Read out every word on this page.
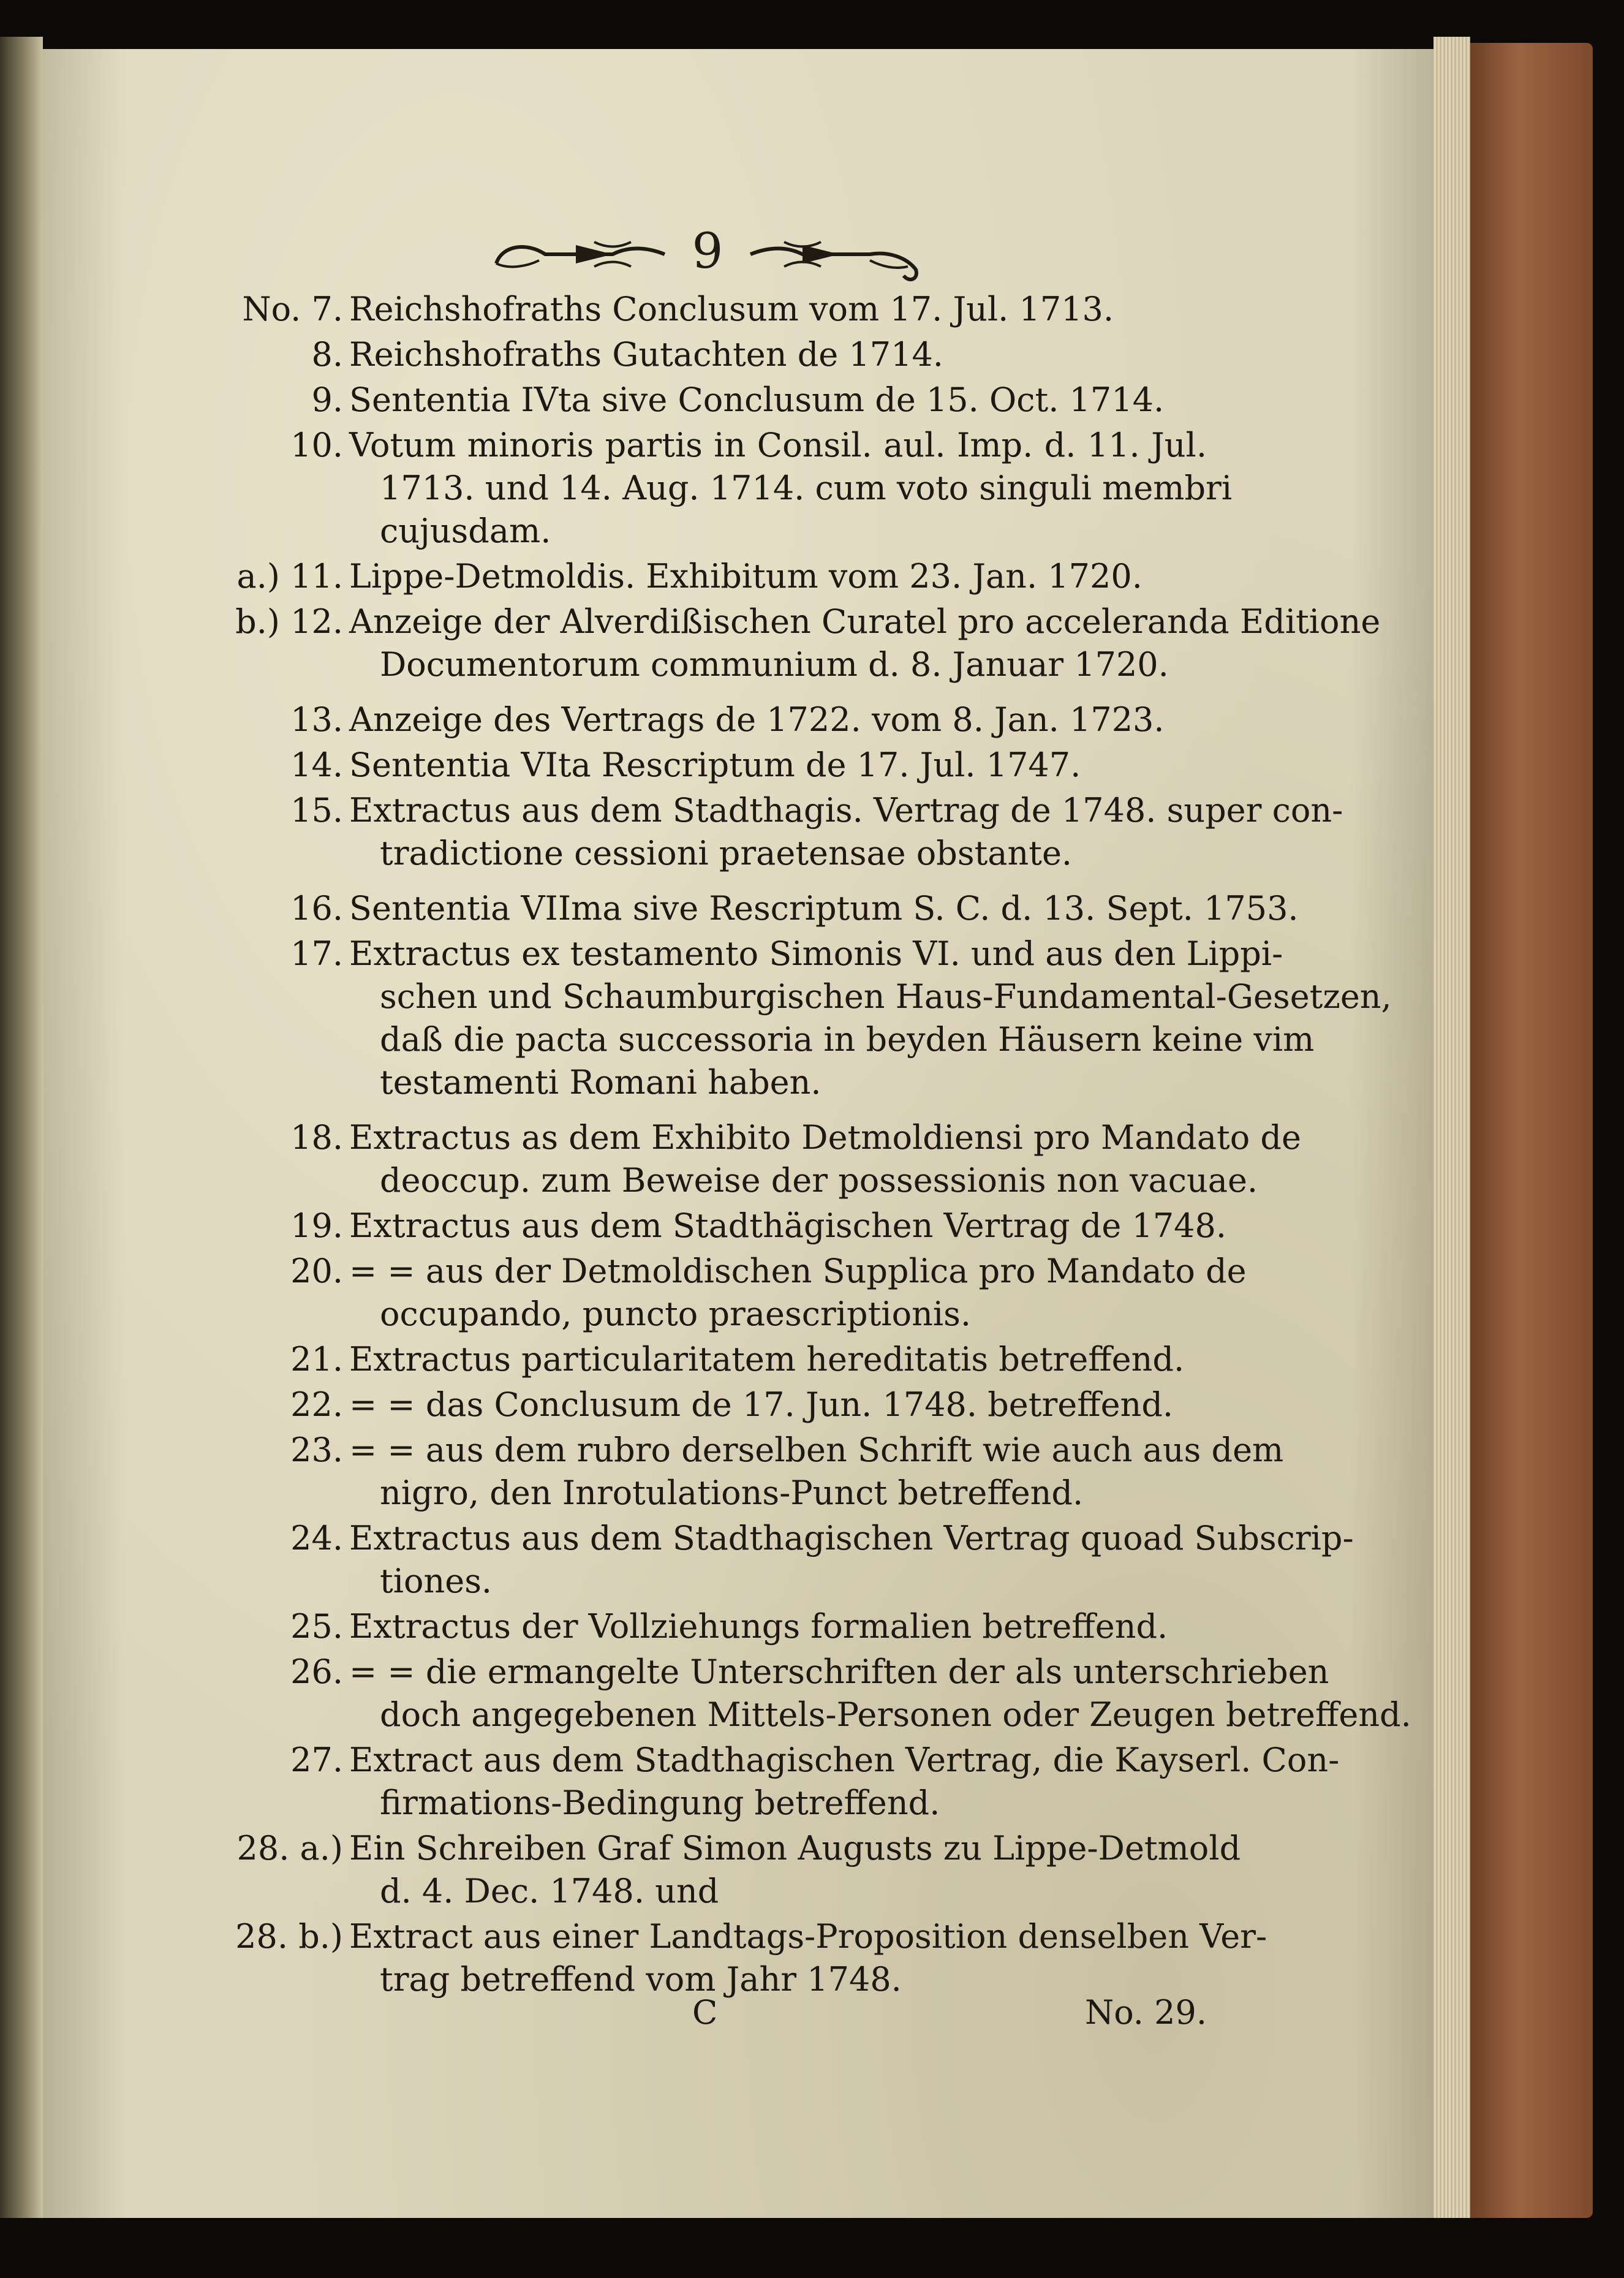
9
No. 7. Reichshofraths Conclusum vom 17. Jul. 1713.
8. Reichshofraths Gutachten de 1714.
9. Sententia IVta sive Conclusum de 15. Oct. 1714.
10. Votum minoris partis in Consil. aul. Imp. d. 11. Jul.
1713. und 14. Aug. 1714. cum voto singuli membri
cujusdam.
a.) 11. Lippe-Detmoldis. Exhibitum vom 23. Jan. 1720.
b.) 12. Anzeige der Alverdißischen Curatel pro acceleranda Editione
Documentorum communium d. 8. Januar 1720.
13. Anzeige des Vertrags de 1722. vom 8. Jan. 1723.
14. Sententia VIta Rescriptum de 17. Jul. 1747.
15. Extractus aus dem Stadthagis. Vertrag de 1748. super con-
tradictione cessioni praetensae obstante.
16. Sententia VIIma sive Rescriptum S. C. d. 13. Sept. 1753.
17. Extractus ex testamento Simonis VI. und aus den Lippi-
schen und Schaumburgischen Haus-Fundamental-Gesetzen,
daß die pacta successoria in beyden Häusern keine vim
testamenti Romani haben.
18. Extractus as dem Exhibito Detmoldiensi pro Mandato de
deoccup. zum Beweise der possessionis non vacuae.
19. Extractus aus dem Stadthägischen Vertrag de 1748.
20. = = aus der Detmoldischen Supplica pro Mandato de
occupando, puncto praescriptionis.
21. Extractus particularitatem hereditatis betreffend.
22. = = das Conclusum de 17. Jun. 1748. betreffend.
23. = = aus dem rubro derselben Schrift wie auch aus dem
nigro, den Inrotulations-Punct betreffend.
24. Extractus aus dem Stadthagischen Vertrag quoad Subscrip-
tiones.
25. Extractus der Vollziehungs formalien betreffend.
26. = = die ermangelte Unterschriften der als unterschrieben
doch angegebenen Mittels-Personen oder Zeugen betreffend.
27. Extract aus dem Stadthagischen Vertrag, die Kayserl. Con-
firmations-Bedingung betreffend.
28. a.) Ein Schreiben Graf Simon Augusts zu Lippe-Detmold
d. 4. Dec. 1748. und
28. b.) Extract aus einer Landtags-Proposition denselben Ver-
trag betreffend vom Jahr 1748.
C	No. 29.
